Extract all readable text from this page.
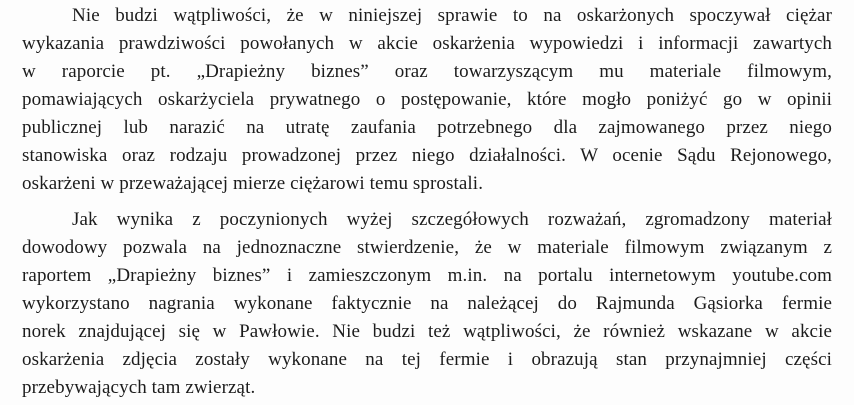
Nie budzi wątpliwości, że w niniejszej sprawie to na oskarżonych spoczywał ciężar
wykazania prawdziwości powołanych w akcie oskarżenia wypowiedzi i informacji zawartych
w raporcie pt. „Drapieżny biznes” oraz towarzyszącym mu materiale filmowym,
pomawiających oskarżyciela prywatnego o postępowanie, które mogło poniżyć go w opinii
publicznej lub narazić na utratę zaufania potrzebnego dla zajmowanego przez niego
stanowiska oraz rodzaju prowadzonej przez niego działalności. W ocenie Sądu Rejonowego,
oskarżeni w przeważającej mierze ciężarowi temu sprostali.
Jak wynika z poczynionych wyżej szczegółowych rozważań, zgromadzony materiał
dowodowy pozwala na jednoznaczne stwierdzenie, że w materiale filmowym związanym z
raportem „Drapieżny biznes” i zamieszczonym m.in. na portalu internetowym youtube.com
wykorzystano nagrania wykonane faktycznie na należącej do Rajmunda Gąsiorka fermie
norek znajdującej się w Pawłowie. Nie budzi też wątpliwości, że również wskazane w akcie
oskarżenia zdjęcia zostały wykonane na tej fermie i obrazują stan przynajmniej części
przebywających tam zwierząt.
